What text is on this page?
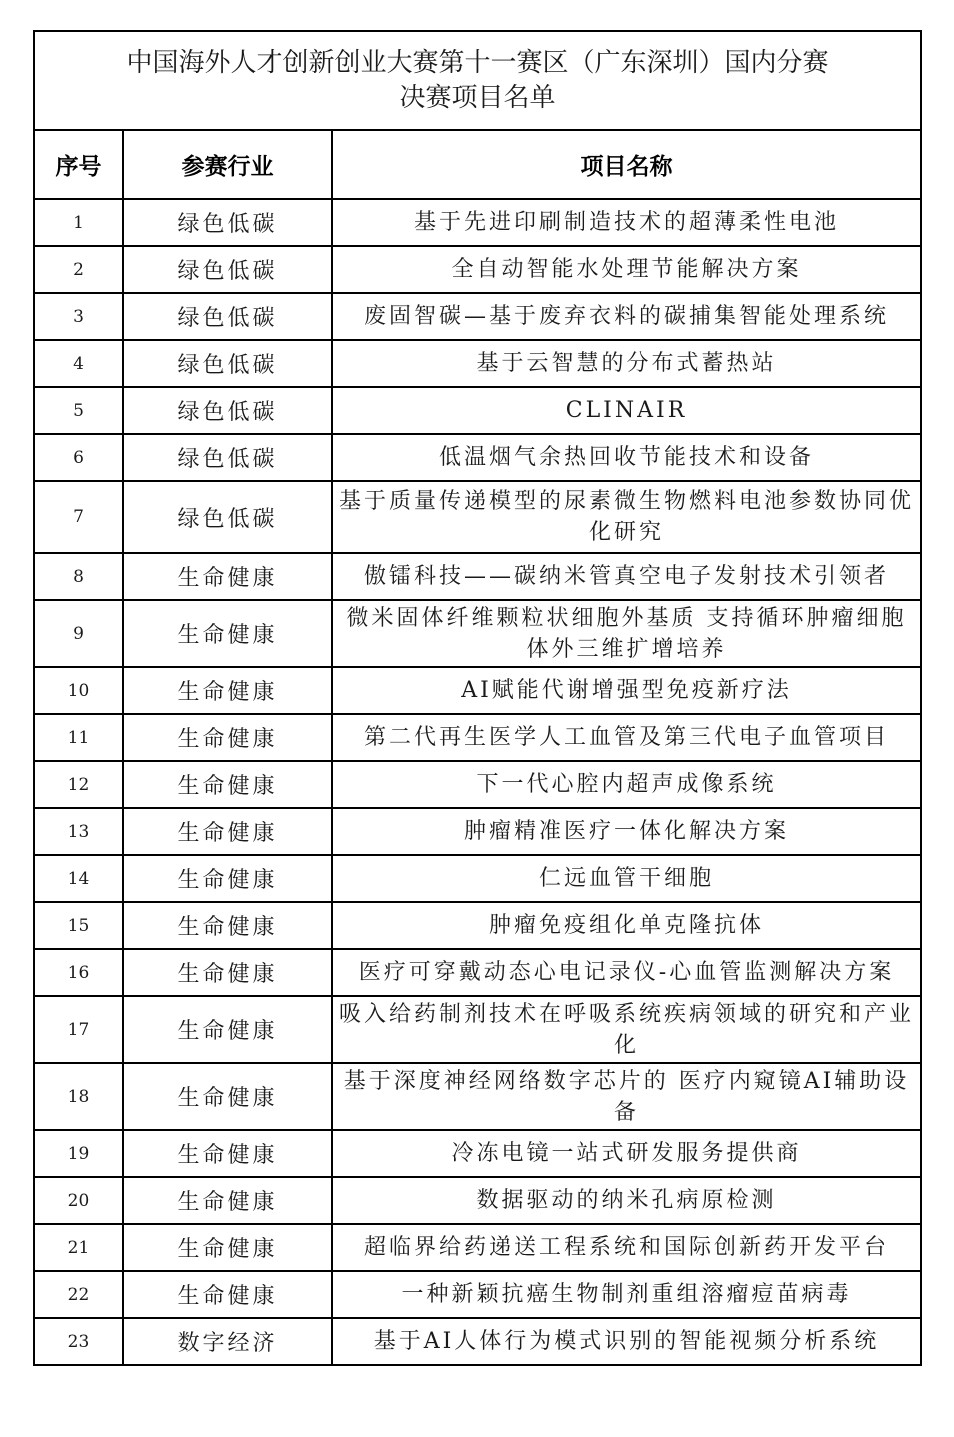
中国海外人才创新创业大赛第十一赛区（广东深圳）国内分赛
决赛项目名单		

序号	参赛行业	项目名称
1	绿色低碳	基于先进印刷制造技术的超薄柔性电池
2	绿色低碳	全自动智能水处理节能解决方案
3	绿色低碳	废固智碳—基于废弃衣料的碳捕集智能处理系统
4	绿色低碳	基于云智慧的分布式蓄热站
5	绿色低碳	CLINAIR
6	绿色低碳	低温烟气余热回收节能技术和设备
7	绿色低碳	基于质量传递模型的尿素微生物燃料电池参数协同优化研究
8	生命健康	傲镭科技——碳纳米管真空电子发射技术引领者
9	生命健康	微米固体纤维颗粒状细胞外基质 支持循环肿瘤细胞体外三维扩增培养
10	生命健康	AI赋能代谢增强型免疫新疗法
11	生命健康	第二代再生医学人工血管及第三代电子血管项目
12	生命健康	下一代心腔内超声成像系统
13	生命健康	肿瘤精准医疗一体化解决方案
14	生命健康	仁远血管干细胞
15	生命健康	肿瘤免疫组化单克隆抗体
16	生命健康	医疗可穿戴动态心电记录仪-心血管监测解决方案
17	生命健康	吸入给药制剂技术在呼吸系统疾病领域的研究和产业化
18	生命健康	基于深度神经网络数字芯片的 医疗内窥镜AI辅助设备
19	生命健康	冷冻电镜一站式研发服务提供商
20	生命健康	数据驱动的纳米孔病原检测
21	生命健康	超临界给药递送工程系统和国际创新药开发平台
22	生命健康	一种新颖抗癌生物制剂重组溶瘤痘苗病毒
23	数字经济	基于AI人体行为模式识别的智能视频分析系统
